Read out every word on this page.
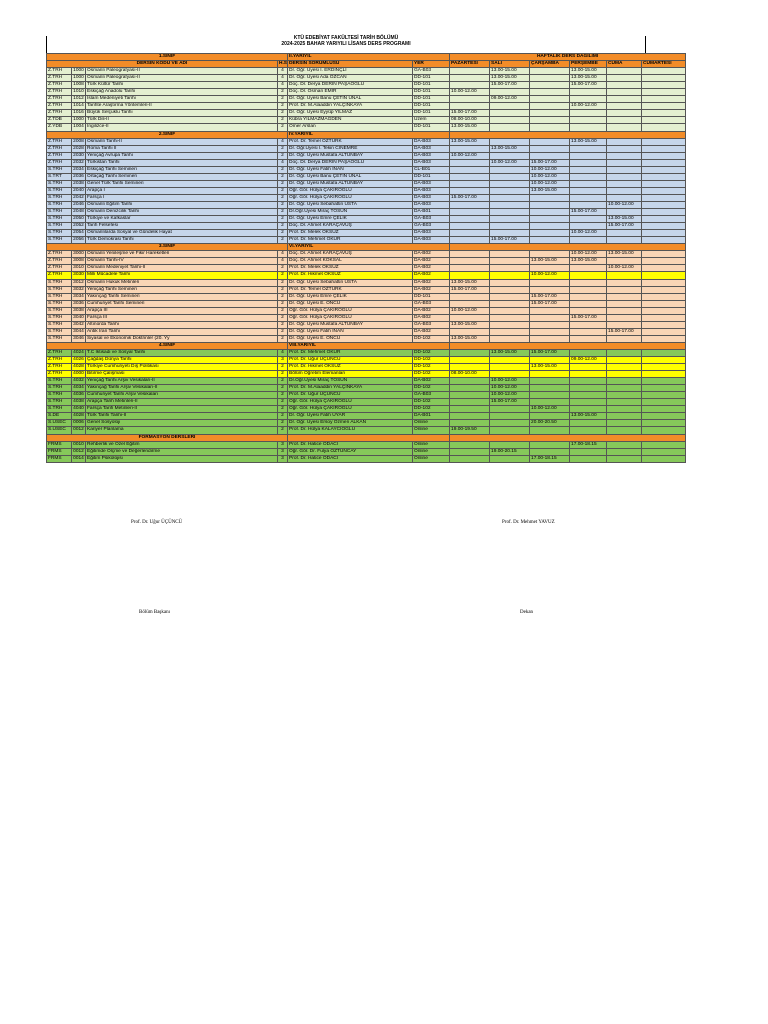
KTÜ EDEBİYAT FAKÜLTESİ TARİH BÖLÜMÜ
2024-2025 BAHAR YARIYILI LİSANS DERS PROGRAMI
1.SINIF				II.YARIYIL		HAFTALIK DERS DAĞILIMI					
DERSİN KODU VE ADI			H.S	DERSİN SORUMLUSU	YER	PAZARTESİ	SALI	ÇARŞAMBA	PERŞEMBE	CUMA	CUMARTESİ
Z.TRH	1000	Osmanlı Paleografyası-II	4	Dr. Öğr. Üyesi İ. ERDİNÇLİ	GA-B03		13.00-15.00		13.00-15.00		
Z.TRH	1000	Osmanlı Paleografyası-II	4	Dr. Öğr. Üyesi Ada ÖZCAN	DD-101		13.00-15.00		13.00-15.00		
Z.TRH	1008	Türk Kültür Tarihi	4	Doç. Dr. Derya DERİN PAŞAOĞLU	DD-101		15.00-17.00		15.00-17.00		
Z.TRH	1010	Eskiçağ Anadolu Tarihi	2	Doç. Dr. Osman EMİR	DD-101	10.00-12.00					
Z.TRH	1012	İslam Medeniyeti Tarihi	2	Dr. Öğr. Üyesi Banu ÇETİN ÜNAL	DD-101		09.00-12.00				
Z.TRH	1014	Tarihte Araştırma Yöntemleri-II	2	Prof. Dr. M.Alaaddin YALÇINKAYA	DD-101				10.00-12.00		
Z.TRH	1016	Büyük Selçuklu Tarihi	2	Dr. Öğr. Üyesi Eyyüp YILMAZ	DD-101	15.00-17.00					
Z.TDB	1000	Türk Dili-II	2	Kübra YILMAZMAĞDEN	Uzem	08.00-10.00					
Z.YDB	1004	İngilizce-II	2	Ömer Arslan	DD-101	13.00-15.00					
2.SINIF				IV.YARIYIL							
Z.TRH	2008	Osmanlı Tarihi-II	4	Prof. Dr. Temel ÖZTÜRK	DA-B03	13.00-15.00			13.00-15.00		
Z.TRH	2028	Roma Tarihi II	2	Dr. Öğr.Üyesi İ. Tekin CİNEMRE	DA-B03		13.00-15.00				
Z.TRH	2030	Yeniçağ Avrupa Tarihi	2	Dr. Öğr. Üyesi Mustafa ALTUNBAY	DA-B03	10.00-12.00					
Z.TRH	2032	Türkistan Tarihi	4	Doç. Dr. Derya DERİN PAŞAOĞLU	DA-B03		10.00-12.00	15.00-17.00			
S.TRH	2034	Eskiçağ Tarihi Semineri	2	Dr. Öğr. Üyesi Fatih İNAN	CL-B01			10.00-12.00			
S.TRT	2036	Ortaçağ Tarihi Semineri	2	Dr. Öğr. Üyesi Banu ÇETİN ÜNAL	DD-101			10.00-12.00			
S.TRH	2038	Genel Türk Tarihi Semineri	2	Dr. Öğr. Üyesi Mustafa ALTUNBAY	DA-B03			10.00-12.00			
S.TRH	2040	Arapça I	2	Öğr. Gör. Hülya ÇAKIROĞLU	DA-B03			13.00-15.00			
S.TRH	2042	Farsça I	2	Öğr. Gör. Hülya ÇAKIROĞLU	DA-B03	15.00-17.00					
S.TRH	2046	Osmanlı Eğitim Tarihi	2	Dr. Öğr. Üyesi Sebahattin USTA	DA-B03					10.00-12.00	
S.TRH	2048	Osmanlı Denizcilik Tarihi	2	Dr.Öğr.Üyesi Miraç TOSUN	DA-B01				15.00-17.00		
S.TRH	2050	Türkiye ve Kafkaslar	2	Dr. Öğr. Üyesi Emre ÇELİK	GA-B03					13.00-15.00	
S.TRH	2052	Tarih Felsefesi	2	Doç. Dr. Ahmet KARAÇAVUŞ	GA-B03					15.00-17.00	
S.TRH	2054	Osmanlılarda Sosyal ve Gündelik Hayat	2	Prof. Dr. Melek ÖKSÜZ	DA-B03				10.00-12.00		
S.TRH	2056	Türk Demokrasi Tarihi	2	Prof. Dr. Mehmet OKUR	DA-B03		15.00-17.00				
3.SINIF				VI.YARIYIL							
Z.TRH	3000	Osmanlı Yenileşme ve Fikir Hareketleri	4	Doç. Dr. Ahmet KARAÇAVUŞ	DA-B02				10.00-12.00	13.00-15.00	
Z.TRH	3008	Osmanlı Tarihi-IV	4	Doç. Dr. Ahmet KÖKSAL	DA-B02			13.00-15.00	13.00-15.00		
Z.TRH	3010	Osmanlı Medeniyet Tarihi-II	2	Prof. Dr. Melek ÖKSÜZ	DA-B02					10.00-12.00	
Z.TRH	3030	Milli Mücadele Tarihi	2	Prof. Dr. Hikmet ÖKSÜZ	DA-B02			10.00-12.00			
S.TRH	3012	Osmanlı Hukuk Metinleri	2	Dr. Öğr. Üyesi Sebahattin USTA	DA-B02	13.00-15.00					
S.TRH	3032	Yeniçağ Tarihi Semineri	2	Prof. Dr. Temel ÖZTÜRK	DA-B02	15.00-17.00					
S.TRH	3034	Yakınçağ Tarihi Semineri	2	Dr. Öğr. Üyesi Emre ÇELİK	DD-101			15.00-17.00			
S.TRH	3036	Cumhuriyet Tarihi Semineri	2	Dr. Öğr. Üyesi E. ÖNCÜ	GA-B03			15.00-17.00			
S.TRH	3038	Arapça III	2	Öğr. Gör. Hülya ÇAKIROĞLU	DA-B02	10.00-12.00					
S.TRH	3040	Farsça III	2	Öğr. Gör. Hülya ÇAKIROĞLU	DA-B02				15.00-17.00		
S.TRH	3042	Altınorda Tarihi	2	Dr. Öğr. Üyesi Mustafa ALTUNBAY	GA-B03	13.00-15.00					
S.TRH	3044	Antik İran Tarihi	2	Dr. Öğr. Üyesi Fatih İNAN	DA-B02					15.00-17.00	
S.TRH	3046	Siyasal ve Ekonomik Doktrinler (20. Yy	2	Dr. Öğr. Üyesi E. ÖNCÜ	DD-102	13.00-15.00					
4.SINIF				VIII.YARIYIL							
Z.TRH	4024	T.C İktisadi ve Sosyal Tarihi	4	Prof. Dr. Mehmet OKUR	DD-102		13.00-15.00	15.00-17.00			
Z.TRH	4026	Çağdaş Dünya Tarihi	3	Prof. Dr. Uğur ÜÇÜNCÜ	DD-102				09.00-12.00		
Z.TRH	4028	Türkiye Cumhuriyeti Dış Politikası	2	Prof. Dr. Hikmet ÖKSÜZ	DD-102			13.00-15.00			
Z.TRH	4000	Bitirme Çalışması	2	Bölüm Öğretim Elemanları	DD-102	08.00-10.00					
S.TRH	4032	Yeniçağ Tarihi Arşiv Vesikaları-II	2	Dr.Öğr.Üyesi Miraç TOSUN	DA-B02		10.00-12.00				
S.TRH	4034	Yakınçağ Tarihi Arşiv Vesikaları-II	2	Prof. Dr. M.Alaaddin YALÇINKAYA	DD-102		10.00-12.00				
S.TRH	4036	Cumhuriyet Tarihi Arşiv Vesikaları	2	Prof. Dr. Uğur ÜÇÜNCÜ	GA-B03		10.00-12.00				
S.TRH	4038	Arapça Tarih Metinleri-II	2	Öğr. Gör. Hülya ÇAKIROĞLU	DD-102		15.00-17.00				
S.TRH	4040	Farsça Tarih Metinleri-II	2	Öğr. Gör. Hülya ÇAKIROĞLU	DD-102			10.00-12.00			
S.DE	4028	Türk Tarihi Tarihi-II	2	Dr. Öğr. Üyesi Fatih UYAR	DA-B01				13.00-15.00		
S.USEC	0006	Genel Sosyoloji	2	Dr. Öğr. Üyesi Ersoy Özmen ALKAN	Online			20.00-20.50			
S.USEC	0012	Kariyer Planlama	2	Prof. Dr. Hülya KALAYCIOĞLU	Online	19.00-19.50					
FORMASYON DERSLERİ											
FRMS	0010	Rehberlik ve Özel Eğitim	3	Prof. Dr. Hatice ODACI	Online				17.00-18.15		
FRMS	0012	Eğitimde Ölçme ve Değerlendirme	3	Öğr. Gör. Dr. Fulya ÖZTUNCAY	Online		19.00-20.15				
FRMS	0014	Eğitim Psikolojisi	3	Prof. Dr. Hatice ODACI	Online			17.00-18.15			
Prof. Dr. Uğur ÜÇÜNCÜ	Prof. Dr. Mehmet YAVUZ
Bölüm Başkanı	Dekan
